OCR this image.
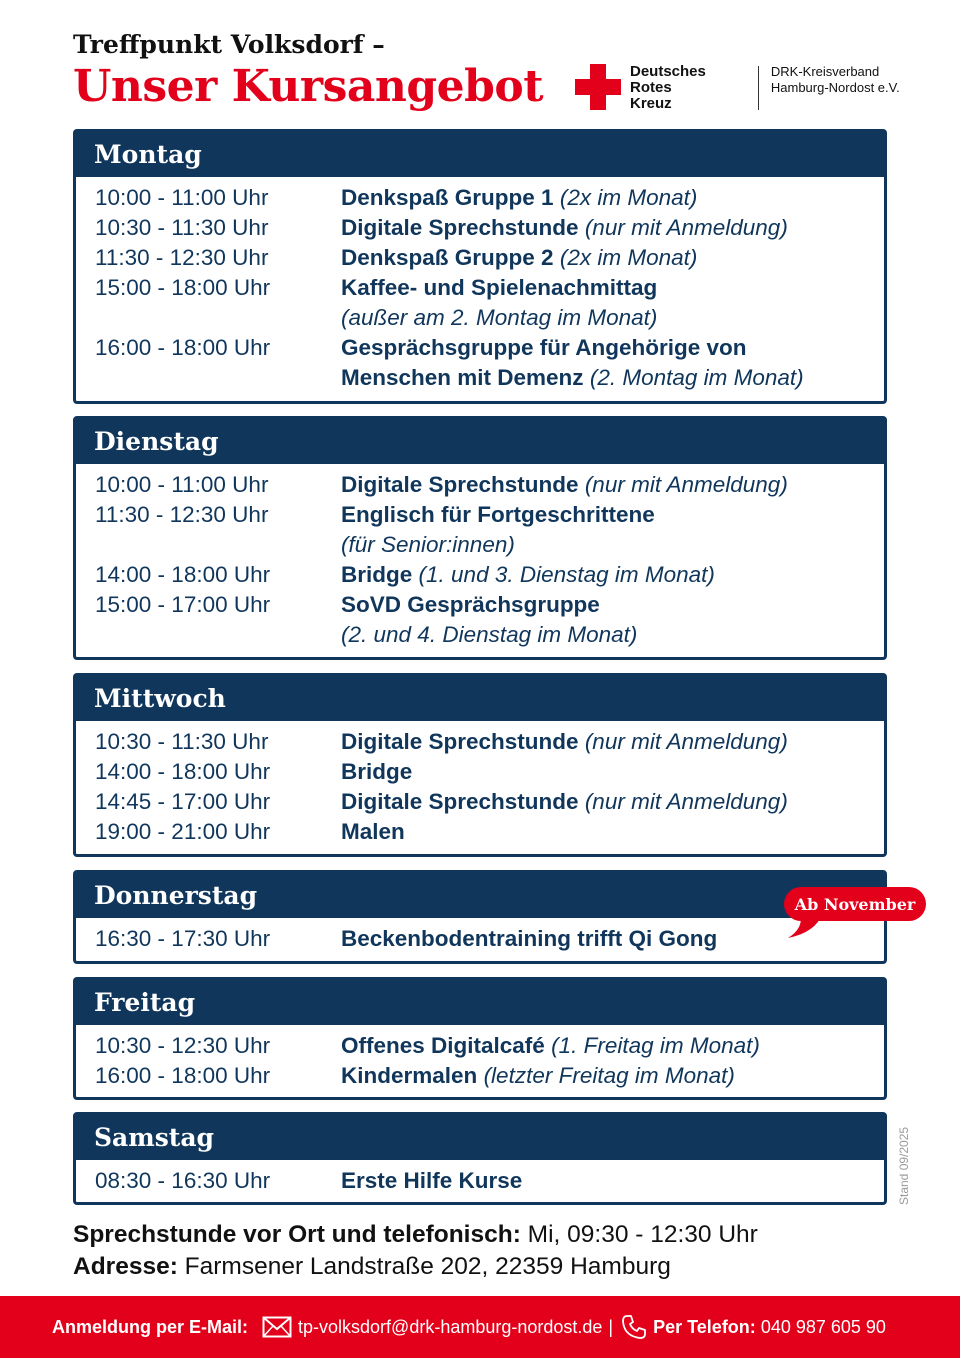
Treffpunkt Volksdorf –
Unser Kursangebot	Deutsches
Rotes
Kreuz
DRK-Kreisverband
Hamburg-Nordost e.V.
Montag
10:00 - 11:00 Uhr	Denkspaß Gruppe 1 (2x im Monat)
10:30 - 11:30 Uhr	Digitale Sprechstunde (nur mit Anmeldung)
11:30 - 12:30 Uhr	Denkspaß Gruppe 2 (2x im Monat)
15:00 - 18:00 Uhr	Kaffee- und Spielenachmittag
(außer am 2. Montag im Monat)
16:00 - 18:00 Uhr	Gesprächsgruppe für Angehörige von
Menschen mit Demenz (2. Montag im Monat)
Dienstag
10:00 - 11:00 Uhr	Digitale Sprechstunde (nur mit Anmeldung)
11:30 - 12:30 Uhr	Englisch für Fortgeschrittene
(für Senior:innen)
14:00 - 18:00 Uhr	Bridge (1. und 3. Dienstag im Monat)
15:00 - 17:00 Uhr	SoVD Gesprächsgruppe
(2. und 4. Dienstag im Monat)
Mittwoch
10:30 - 11:30 Uhr	Digitale Sprechstunde (nur mit Anmeldung)
14:00 - 18:00 Uhr	Bridge
14:45 - 17:00 Uhr	Digitale Sprechstunde (nur mit Anmeldung)
19:00 - 21:00 Uhr	Malen
Donnerstag
16:30 - 17:30 Uhr	Beckenbodentraining trifft Qi Gong
Ab November
Freitag
10:30 - 12:30 Uhr	Offenes Digitalcafé (1. Freitag im Monat)
16:00 - 18:00 Uhr	Kindermalen (letzter Freitag im Monat)
Samstag
08:30 - 16:30 Uhr	Erste Hilfe Kurse	Stand 09/2025
Sprechstunde vor Ort und telefonisch: Mi, 09:30 - 12:30 Uhr
Adresse: Farmsener Landstraße 202, 22359 Hamburg
Anmeldung per E-Mail:	tp-volksdorf@drk-hamburg-nordost.de | Per Telefon:
040 987 605 90
